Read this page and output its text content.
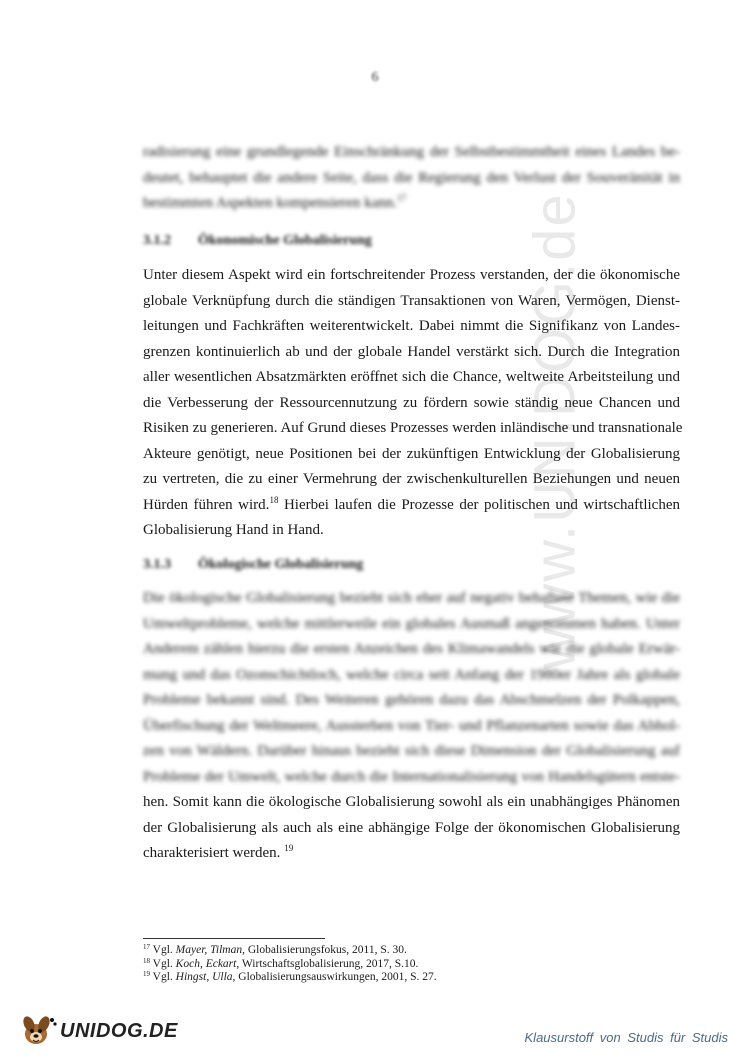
www.UNIDOG.de
6
radisierung eine grundlegende Einschränkung der Selbstbestimmtheit eines Landes be-
deutet, behauptet die andere Seite, dass die Regierung den Verlust der Souveränität in
bestimmten Aspekten kompensieren kann.$^{17}$
3.1.2 Ökonomische Globalisierung
Unter diesem Aspekt wird ein fortschreitender Prozess verstanden, der die ökonomische
globale Verknüpfung durch die ständigen Transaktionen von Waren, Vermögen, Dienst-
leitungen und Fachkräften weiterentwickelt. Dabei nimmt die Signifikanz von Landes-
grenzen kontinuierlich ab und der globale Handel verstärkt sich. Durch die Integration
aller wesentlichen Absatzmärkten eröffnet sich die Chance, weltweite Arbeitsteilung und
die Verbesserung der Ressourcennutzung zu fördern sowie ständig neue Chancen und
Risiken zu generieren. Auf Grund dieses Prozesses werden inländische und transnationale
Akteure genötigt, neue Positionen bei der zukünftigen Entwicklung der Globalisierung
zu vertreten, die zu einer Vermehrung der zwischenkulturellen Beziehungen und neuen
Hürden führen wird.$^{18}$ Hierbei laufen die Prozesse der politischen und wirtschaftlichen
Globalisierung Hand in Hand.
3.1.3 Ökologische Globalisierung
Die ökologische Globalisierung bezieht sich eher auf negativ behaftete Themen, wie die
Umweltprobleme, welche mittlerweile ein globales Ausmaß angenommen haben. Unter
Anderem zählen hierzu die ersten Anzeichen des Klimawandels wie die globale Erwär-
mung und das Ozonschichtloch, welche circa seit Anfang der 1980er Jahre als globale
Probleme bekannt sind. Des Weiteren gehören dazu das Abschmelzen der Polkappen,
Überfischung der Weltmeere, Aussterben von Tier- und Pflanzenarten sowie das Abhol-
zen von Wäldern. Darüber hinaus bezieht sich diese Dimension der Globalisierung auf
Probleme der Umwelt, welche durch die Internationalisierung von Handelsgütern entste-
hen. Somit kann die ökologische Globalisierung sowohl als ein unabhängiges Phänomen
der Globalisierung als auch als eine abhängige Folge der ökonomischen Globalisierung
charakterisiert werden. $^{19}$
$^{17}$ Vgl. Mayer, Tilman, Globalisierungsfokus, 2011, S. 30.
$^{18}$ Vgl. Koch, Eckart, Wirtschaftsglobalisierung, 2017, S.10.
$^{19}$ Vgl. Hingst, Ulla, Globalisierungsauswirkungen, 2001, S. 27.
UNIDOG.DE	Klausurstoff von Studis für Studis
